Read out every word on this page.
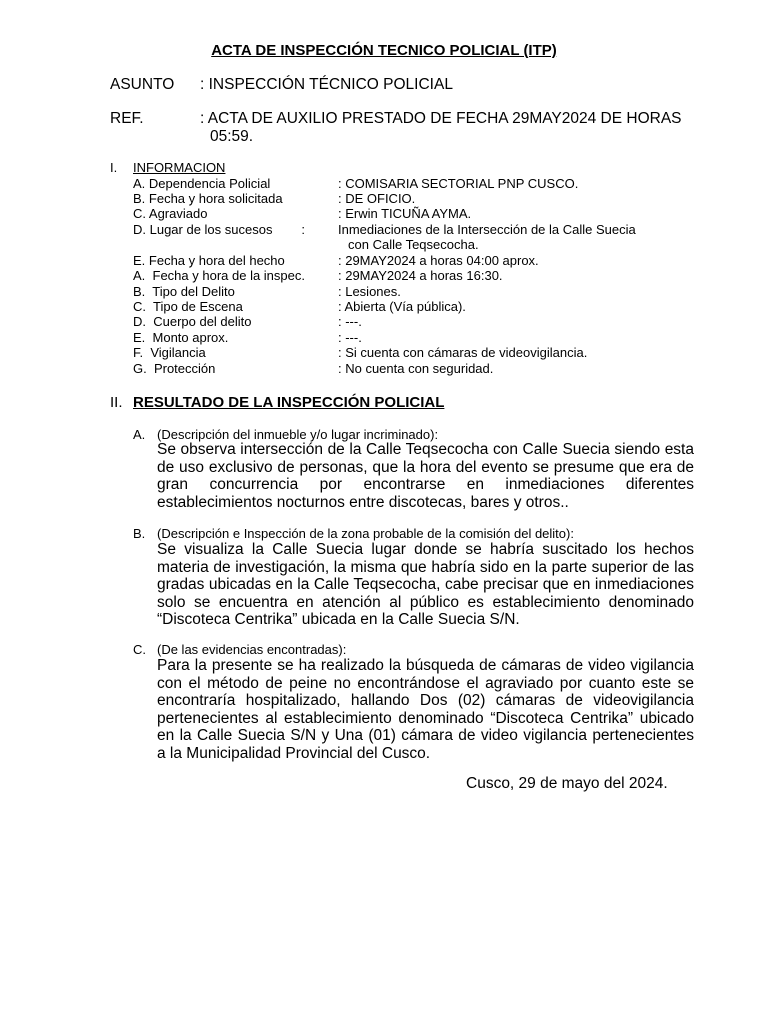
ACTA DE INSPECCIÓN TECNICO POLICIAL (ITP)
ASUNTO : INSPECCIÓN TÉCNICO POLICIAL
REF.	: ACTA DE AUXILIO PRESTADO DE FECHA 29MAY2024 DE HORAS
05:59.
I. INFORMACION
A. Dependencia Policial	: COMISARIA SECTORIAL PNP CUSCO.
B. Fecha y hora solicitada	: DE OFICIO.
C. Agraviado	: Erwin TICUÑA AYMA.
D. Lugar de los sucesos        :	Inmediaciones de la Intersección de la Calle Suecia
con Calle Teqsecocha.
E. Fecha y hora del hecho	: 29MAY2024 a horas 04:00 aprox.
A.  Fecha y hora de la inspec.	: 29MAY2024 a horas 16:30.
B.  Tipo del Delito	: Lesiones.
C.  Tipo de Escena	: Abierta (Vía pública).
D.  Cuerpo del delito	: ---.
E.  Monto aprox.	: ---.
F.  Vigilancia	: Si cuenta con cámaras de videovigilancia.
G.  Protección	: No cuenta con seguridad.
II. RESULTADO DE LA INSPECCIÓN POLICIAL
A. (Descripción del inmueble y/o lugar incriminado):
Se observa intersección de la Calle Teqsecocha con Calle Suecia siendo esta de uso exclusivo de personas, que la hora del evento se presume que era de gran concurrencia por encontrarse en inmediaciones diferentes establecimientos nocturnos entre discotecas, bares y otros..
B. (Descripción e Inspección de la zona probable de la comisión del delito):
Se visualiza la Calle Suecia lugar donde se habría suscitado los hechos materia de investigación, la misma que habría sido en la parte superior de las gradas ubicadas en la Calle Teqsecocha, cabe precisar que en inmediaciones solo se encuentra en atención al público es establecimiento denominado “Discoteca Centrika” ubicada en la Calle Suecia S/N.
C. (De las evidencias encontradas):
Para la presente se ha realizado la búsqueda de cámaras de video vigilancia con el método de peine no encontrándose el agraviado por cuanto este se encontraría hospitalizado, hallando Dos (02) cámaras de videovigilancia pertenecientes al establecimiento denominado “Discoteca Centrika” ubicado en la Calle Suecia S/N y Una (01) cámara de video vigilancia pertenecientes a la Municipalidad Provincial del Cusco.
Cusco, 29 de mayo del 2024.
